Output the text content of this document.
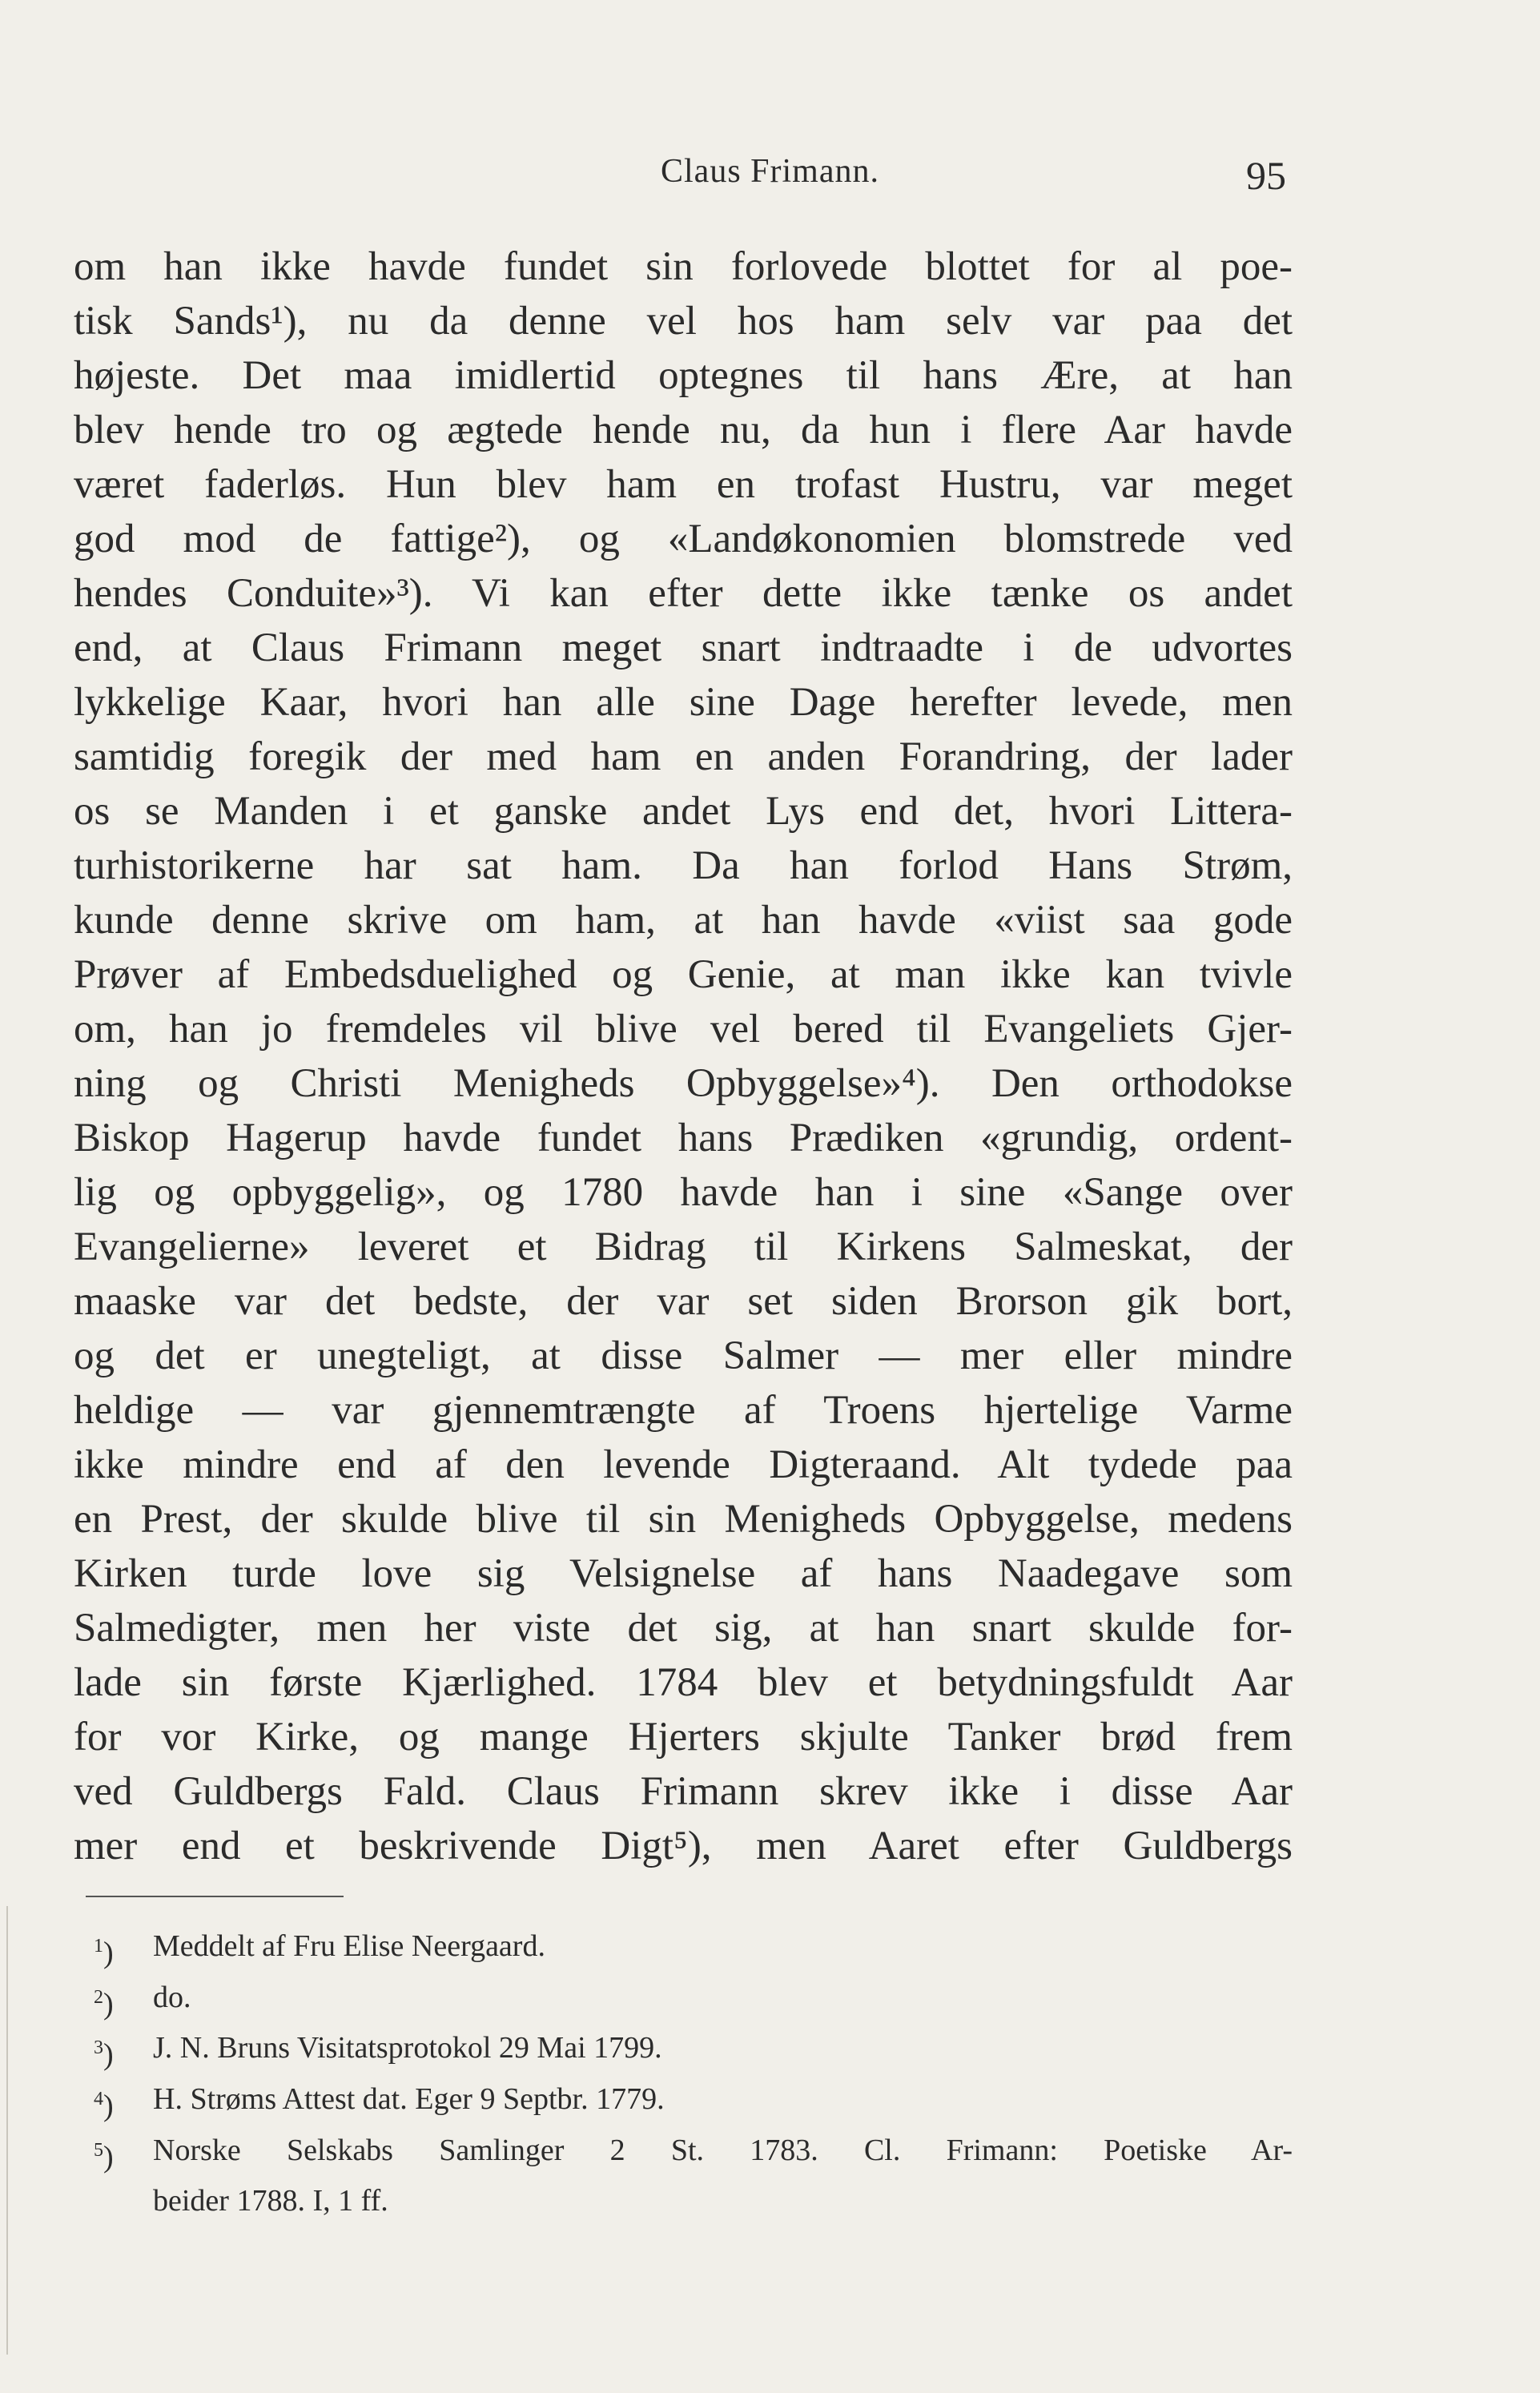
Claus Frimann.	95
om han ikke havde fundet sin forlovede blottet for al poe-
tisk Sands¹), nu da denne vel hos ham selv var paa det
højeste. Det maa imidlertid optegnes til hans Ære, at han
blev hende tro og ægtede hende nu, da hun i flere Aar havde
været faderløs. Hun blev ham en trofast Hustru, var meget
god mod de fattige²), og «Landøkonomien blomstrede ved
hendes Conduite»³). Vi kan efter dette ikke tænke os andet
end, at Claus Frimann meget snart indtraadte i de udvortes
lykkelige Kaar, hvori han alle sine Dage herefter levede, men
samtidig foregik der med ham en anden Forandring, der lader
os se Manden i et ganske andet Lys end det, hvori Littera-
turhistorikerne har sat ham. Da han forlod Hans Strøm,
kunde denne skrive om ham, at han havde «viist saa gode
Prøver af Embedsduelighed og Genie, at man ikke kan tvivle
om, han jo fremdeles vil blive vel bered til Evangeliets Gjer-
ning og Christi Menigheds Opbyggelse»⁴). Den orthodokse
Biskop Hagerup havde fundet hans Prædiken «grundig, ordent-
lig og opbyggelig», og 1780 havde han i sine «Sange over
Evangelierne» leveret et Bidrag til Kirkens Salmeskat, der
maaske var det bedste, der var set siden Brorson gik bort,
og det er unegteligt, at disse Salmer — mer eller mindre
heldige — var gjennemtrængte af Troens hjertelige Varme
ikke mindre end af den levende Digteraand. Alt tydede paa
en Prest, der skulde blive til sin Menigheds Opbyggelse, medens
Kirken turde love sig Velsignelse af hans Naadegave som
Salmedigter, men her viste det sig, at han snart skulde for-
lade sin første Kjærlighed. 1784 blev et betydningsfuldt Aar
for vor Kirke, og mange Hjerters skjulte Tanker brød frem
ved Guldbergs Fald. Claus Frimann skrev ikke i disse Aar
mer end et beskrivende Digt⁵), men Aaret efter Guldbergs
$^1$)	Meddelt af Fru Elise Neergaard.
$^2$)	do.
$^3$)	J. N. Bruns Visitatsprotokol 29 Mai 1799.
$^4$)	H. Strøms Attest dat. Eger 9 Septbr. 1779.
$^5$)	Norske Selskabs Samlinger 2 St. 1783. Cl. Frimann: Poetiske Ar-
beider 1788. I, 1 ff.
